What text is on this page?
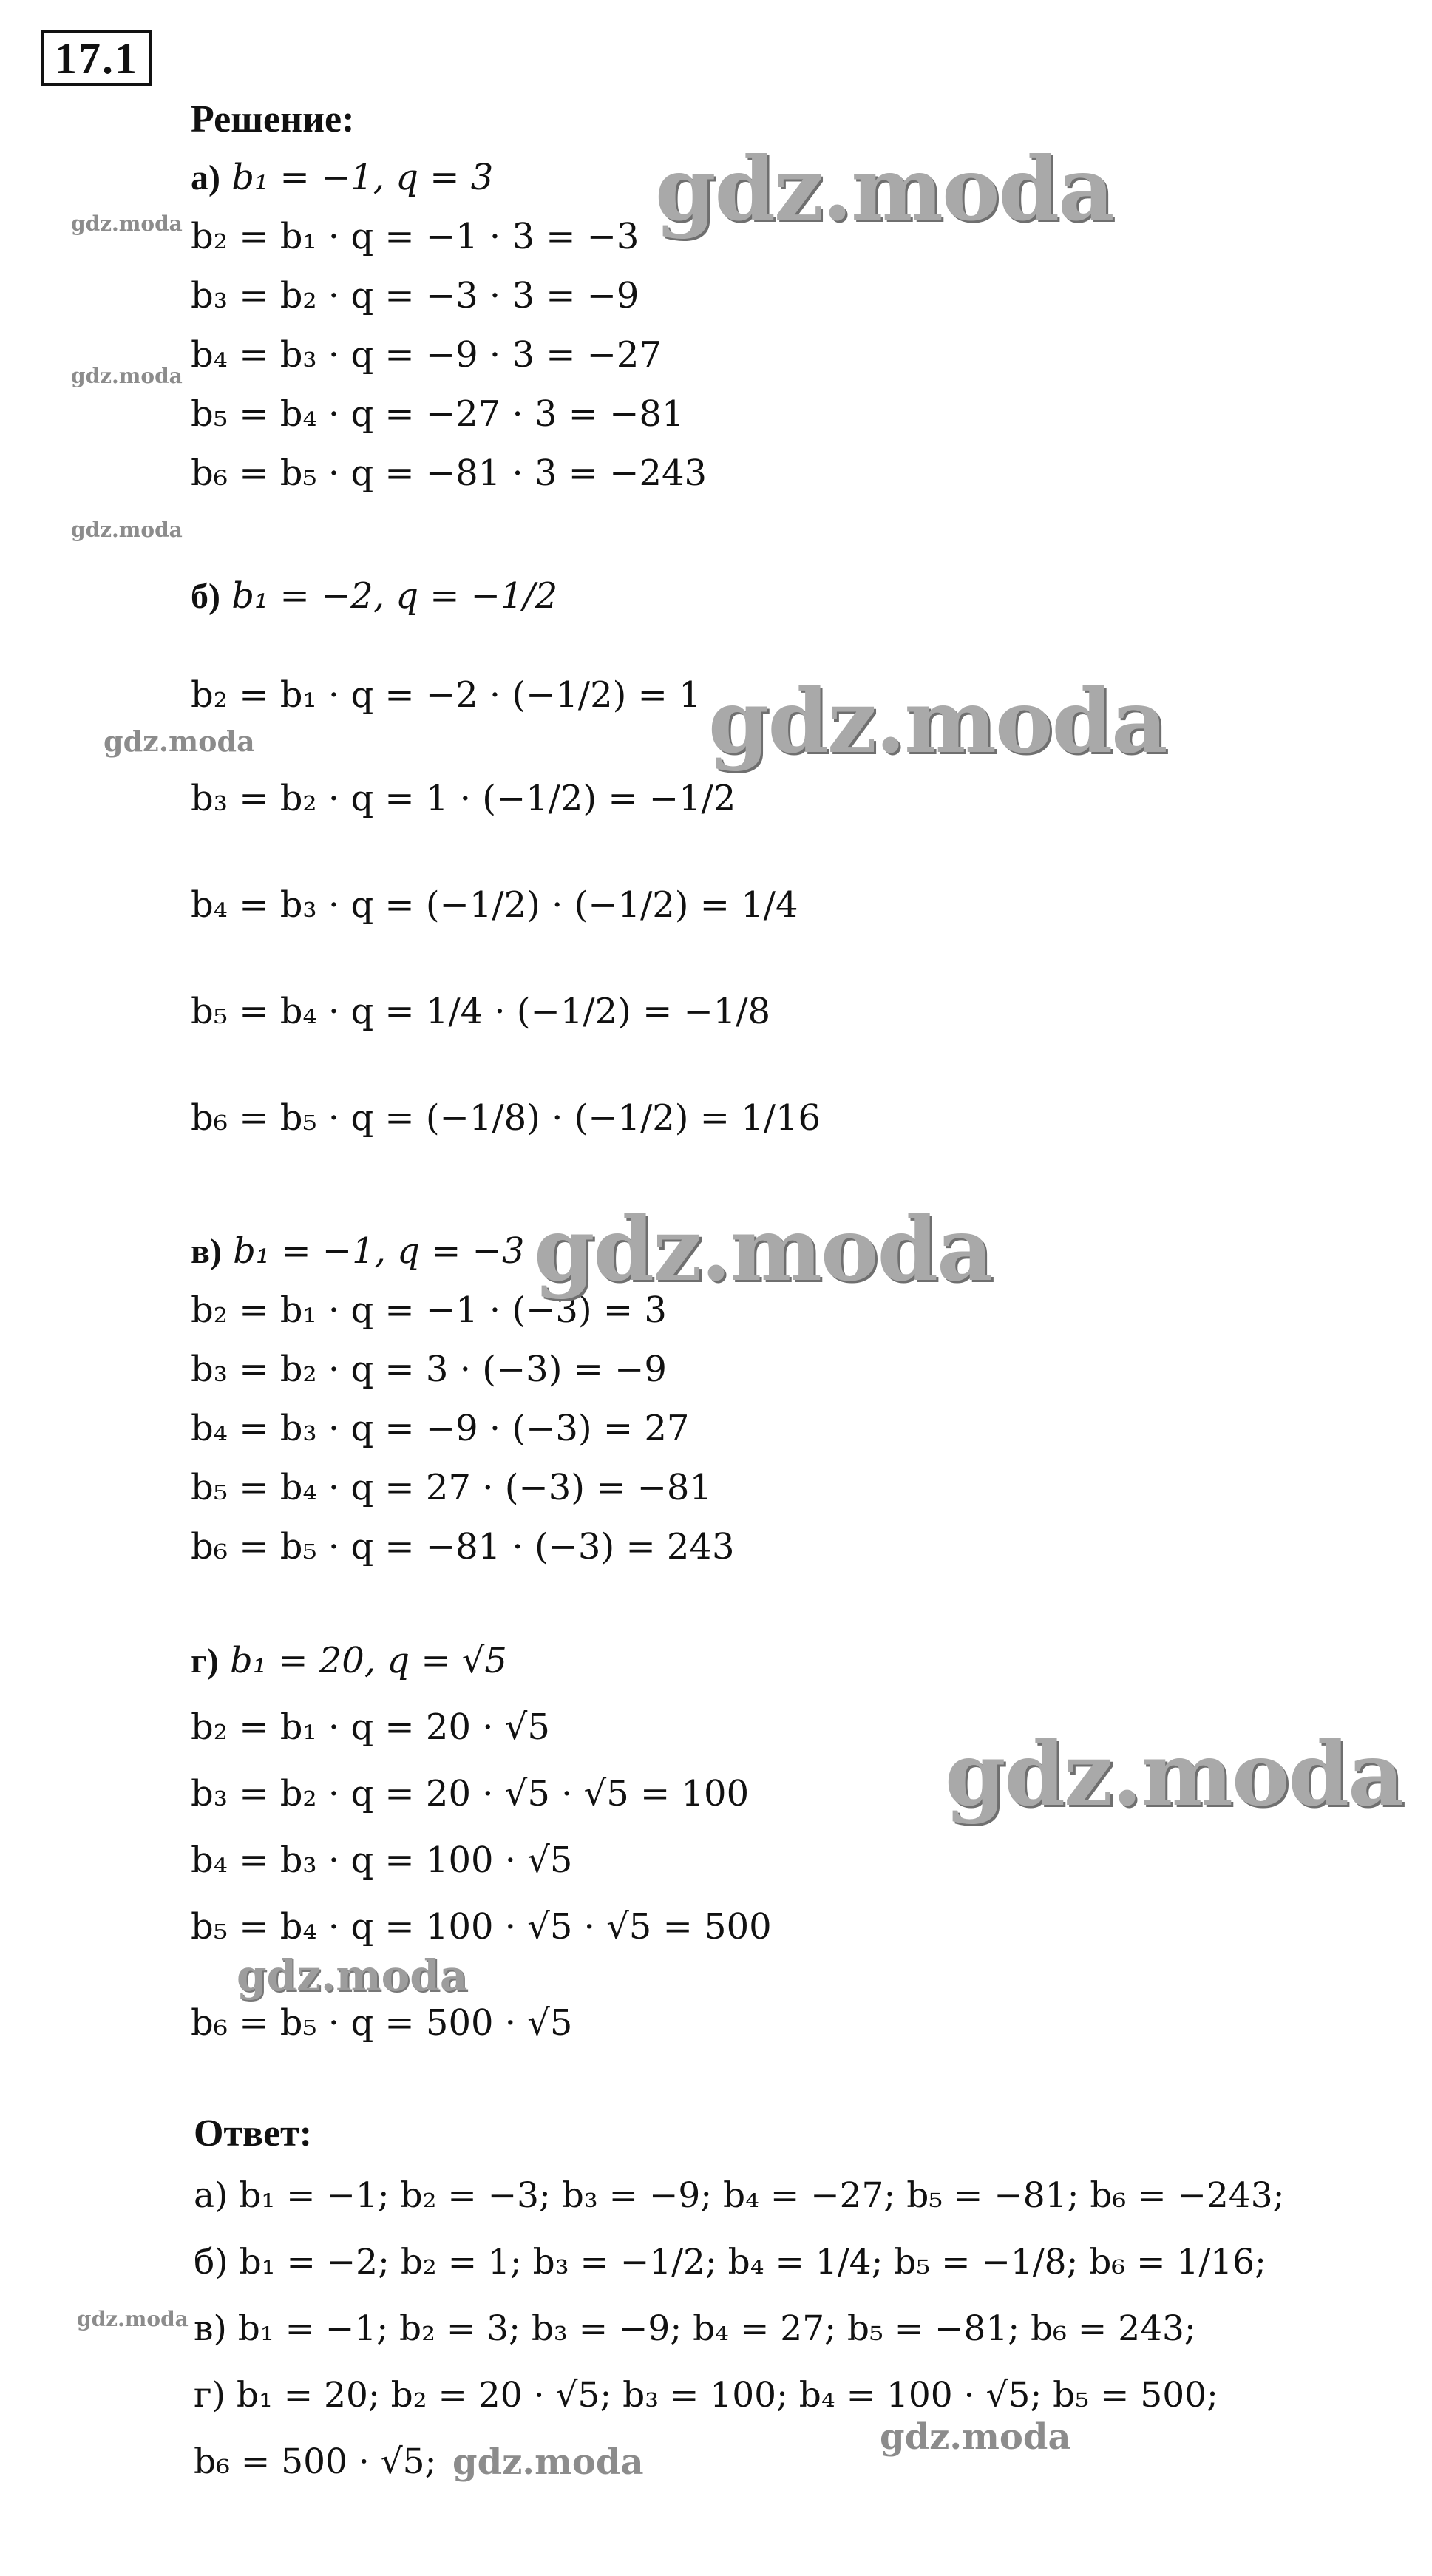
17.1
Решение:
а) b₁ = −1, q = 3
b₂ = b₁ · q = −1 · 3 = −3
b₃ = b₂ · q = −3 · 3 = −9
b₄ = b₃ · q = −9 · 3 = −27
b₅ = b₄ · q = −27 · 3 = −81
b₆ = b₅ · q = −81 · 3 = −243
б) b₁ = −2, q = −1/2
b₂ = b₁ · q = −2 · (−1/2) = 1
b₃ = b₂ · q = 1 · (−1/2) = −1/2
b₄ = b₃ · q = (−1/2) · (−1/2) = 1/4
b₅ = b₄ · q = 1/4 · (−1/2) = −1/8
b₆ = b₅ · q = (−1/8) · (−1/2) = 1/16
в) b₁ = −1, q = −3
b₂ = b₁ · q = −1 · (−3) = 3
b₃ = b₂ · q = 3 · (−3) = −9
b₄ = b₃ · q = −9 · (−3) = 27
b₅ = b₄ · q = 27 · (−3) = −81
b₆ = b₅ · q = −81 · (−3) = 243
г) b₁ = 20, q = √5
b₂ = b₁ · q = 20 · √5
b₃ = b₂ · q = 20 · √5 · √5 = 100
b₄ = b₃ · q = 100 · √5
b₅ = b₄ · q = 100 · √5 · √5 = 500
b₆ = b₅ · q = 500 · √5
Ответ:
а) b₁ = −1; b₂ = −3; b₃ = −9; b₄ = −27; b₅ = −81; b₆ = −243;
б) b₁ = −2; b₂ = 1; b₃ = −1/2; b₄ = 1/4; b₅ = −1/8; b₆ = 1/16;
в) b₁ = −1; b₂ = 3; b₃ = −9; b₄ = 27; b₅ = −81; b₆ = 243;
г) b₁ = 20; b₂ = 20 · √5; b₃ = 100; b₄ = 100 · √5; b₅ = 500;
b₆ = 500 · √5;
gdz.moda
gdz.moda
gdz.moda
gdz.moda
gdz.moda
gdz.moda
gdz.moda
gdz.moda
gdz.moda
gdz.moda
gdz.moda
gdz.moda
